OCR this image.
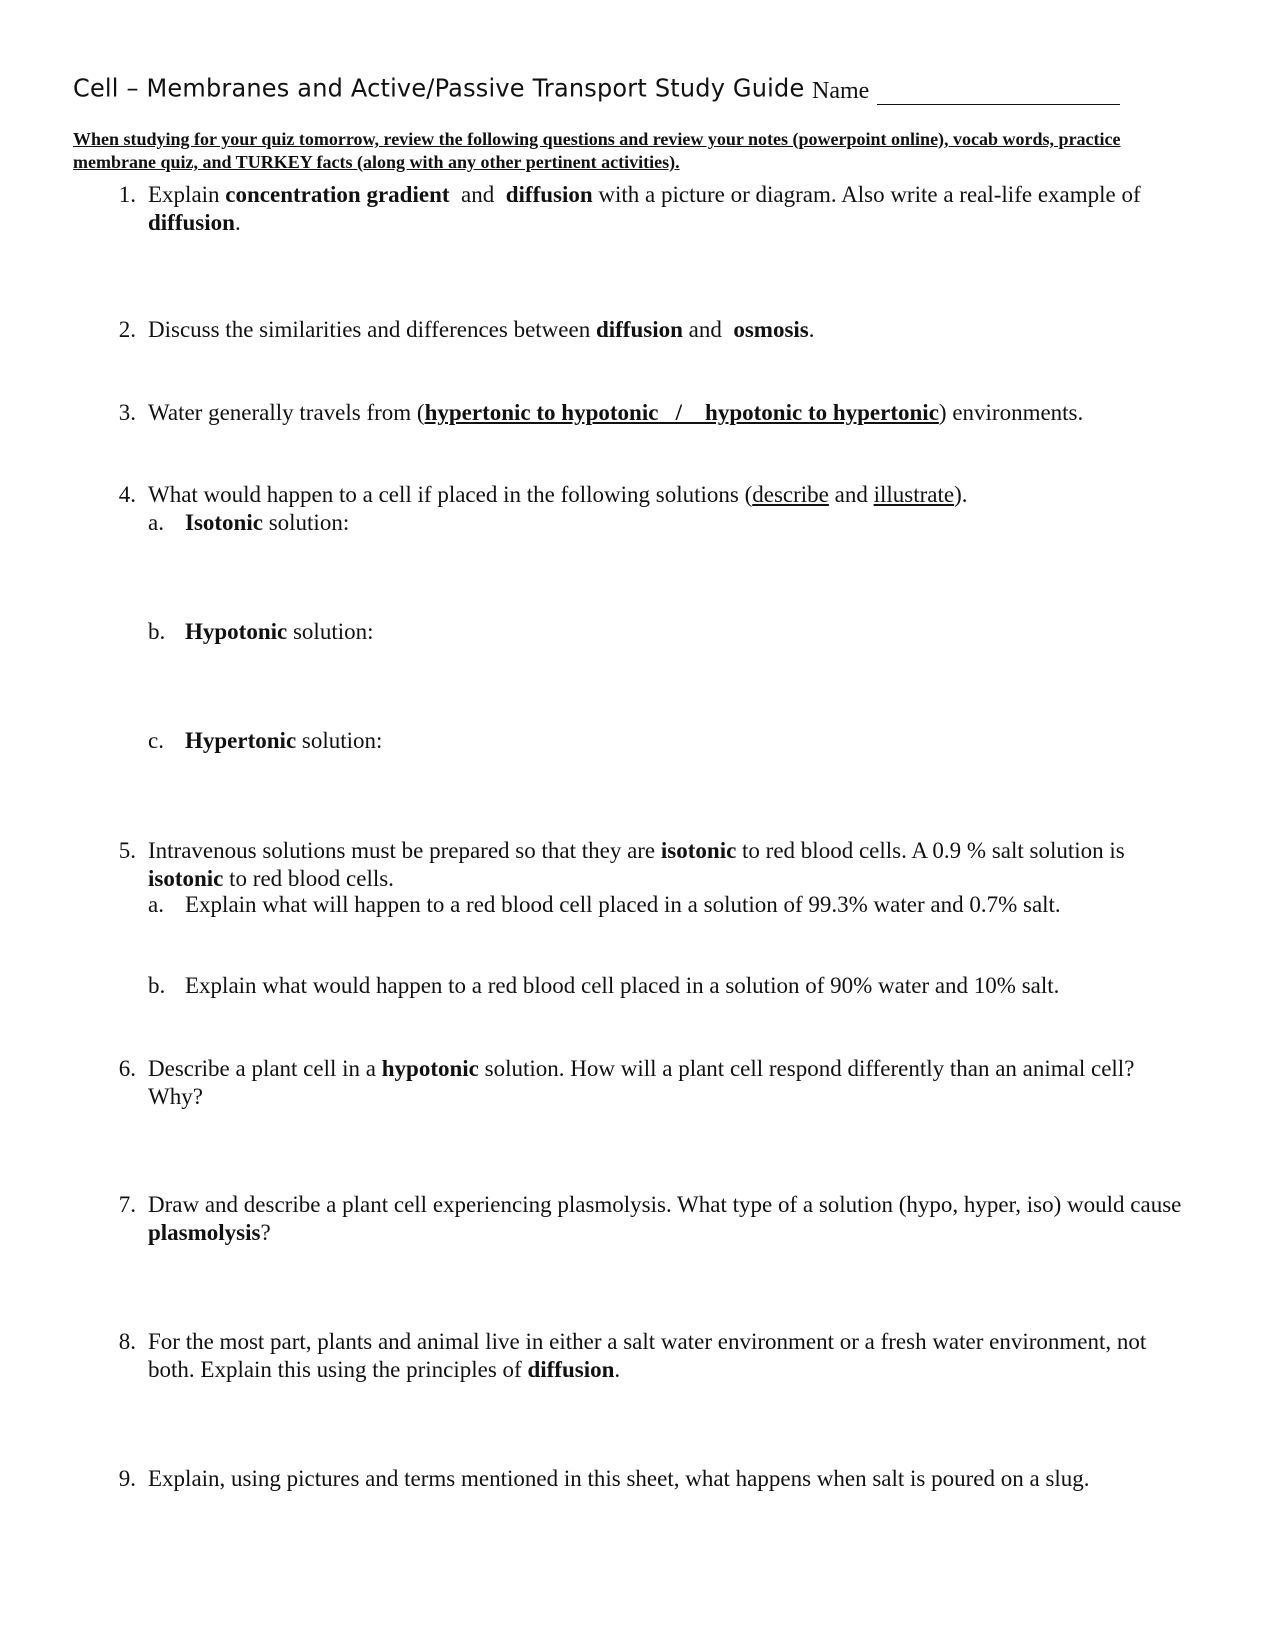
Cell – Membranes and Active/Passive Transport Study Guide Name
When studying for your quiz tomorrow, review the following questions and review your notes (powerpoint online), vocab words, practice membrane quiz, and TURKEY facts (along with any other pertinent activities).
1. Explain concentration gradient  and  diffusion with a picture or diagram. Also write a real-life example of diffusion.
2. Discuss the similarities and differences between diffusion and  osmosis.
3. Water generally travels from (hypertonic to hypotonic   /    hypotonic to hypertonic) environments.
4. What would happen to a cell if placed in the following solutions (describe and illustrate).
a. Isotonic solution:
b. Hypotonic solution:
c. Hypertonic solution:
5. Intravenous solutions must be prepared so that they are isotonic to red blood cells. A 0.9 % salt solution is isotonic to red blood cells.
a. Explain what will happen to a red blood cell placed in a solution of 99.3% water and 0.7% salt.
b. Explain what would happen to a red blood cell placed in a solution of 90% water and 10% salt.
6. Describe a plant cell in a hypotonic solution. How will a plant cell respond differently than an animal cell? Why?
7. Draw and describe a plant cell experiencing plasmolysis. What type of a solution (hypo, hyper, iso) would cause plasmolysis?
8. For the most part, plants and animal live in either a salt water environment or a fresh water environment, not both. Explain this using the principles of diffusion.
9. Explain, using pictures and terms mentioned in this sheet, what happens when salt is poured on a slug.
